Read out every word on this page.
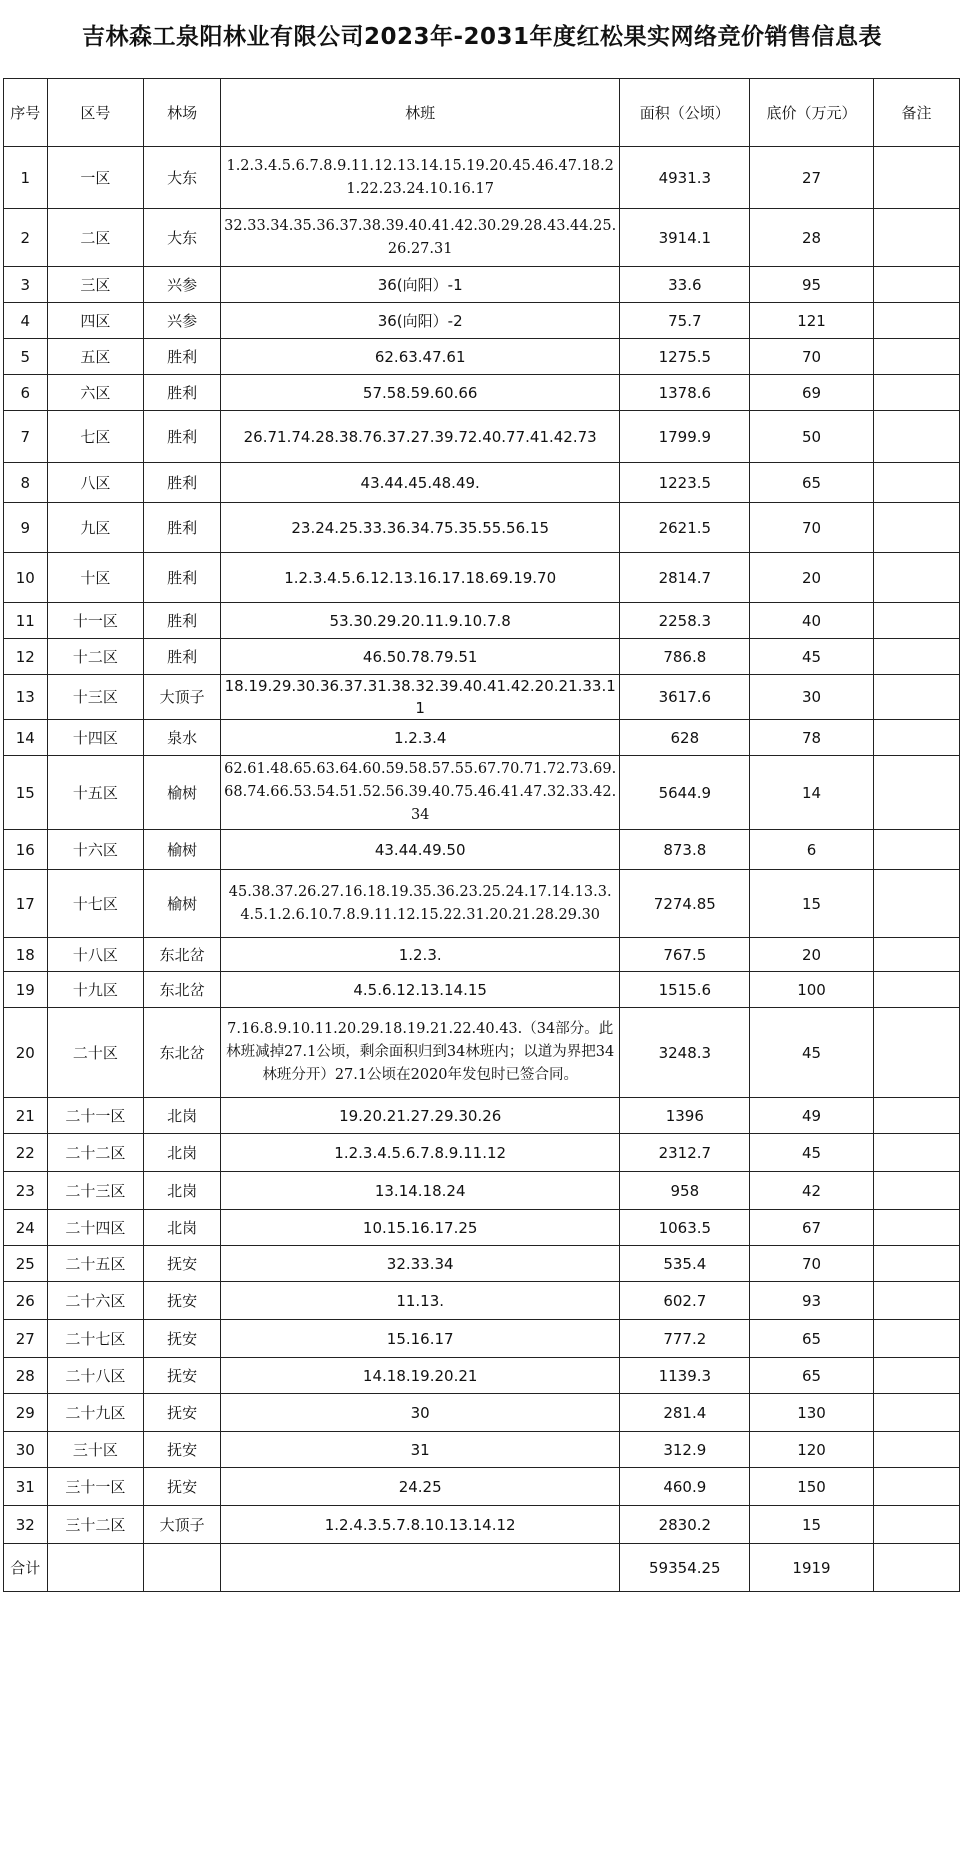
吉林森工泉阳林业有限公司2023年-2031年度红松果实网络竞价销售信息表
序号	区号	林场	林班	面积（公顷）	底价（万元）	备注
1	一区	大东	1.2.3.4.5.6.7.8.9.11.12.13.14.15.19.20.45.46.47.18.21.22.23.24.10.16.17	4931.3	27	
2	二区	大东	32.33.34.35.36.37.38.39.40.41.42.30.29.28.43.44.25.26.27.31	3914.1	28	
3	三区	兴参	36(向阳）-1	33.6	95	
4	四区	兴参	36(向阳）-2	75.7	121	
5	五区	胜利	62.63.47.61	1275.5	70	
6	六区	胜利	57.58.59.60.66	1378.6	69	
7	七区	胜利	26.71.74.28.38.76.37.27.39.72.40.77.41.42.73	1799.9	50	
8	八区	胜利	43.44.45.48.49.	1223.5	65	
9	九区	胜利	23.24.25.33.36.34.75.35.55.56.15	2621.5	70	
10	十区	胜利	1.2.3.4.5.6.12.13.16.17.18.69.19.70	2814.7	20	
11	十一区	胜利	53.30.29.20.11.9.10.7.8	2258.3	40	
12	十二区	胜利	46.50.78.79.51	786.8	45	
13	十三区	大顶子	18.19.29.30.36.37.31.38.32.39.40.41.42.20.21.33.11	3617.6	30	
14	十四区	泉水	1.2.3.4	628	78	
15	十五区	榆树	62.61.48.65.63.64.60.59.58.57.55.67.70.71.72.73.69.68.74.66.53.54.51.52.56.39.40.75.46.41.47.32.33.42.34	5644.9	14	
16	十六区	榆树	43.44.49.50	873.8	6	
17	十七区	榆树	45.38.37.26.27.16.18.19.35.36.23.25.24.17.14.13.3.4.5.1.2.6.10.7.8.9.11.12.15.22.31.20.21.28.29.30	7274.85	15	
18	十八区	东北岔	1.2.3.	767.5	20	
19	十九区	东北岔	4.5.6.12.13.14.15	1515.6	100	
20	二十区	东北岔	7.16.8.9.10.11.20.29.18.19.21.22.40.43.（34部分。此林班减掉27.1公顷，剩余面积归到34林班内；以道为界把34林班分开）27.1公顷在2020年发包时已签合同。	3248.3	45	
21	二十一区	北岗	19.20.21.27.29.30.26	1396	49	
22	二十二区	北岗	1.2.3.4.5.6.7.8.9.11.12	2312.7	45	
23	二十三区	北岗	13.14.18.24	958	42	
24	二十四区	北岗	10.15.16.17.25	1063.5	67	
25	二十五区	抚安	32.33.34	535.4	70	
26	二十六区	抚安	11.13.	602.7	93	
27	二十七区	抚安	15.16.17	777.2	65	
28	二十八区	抚安	14.18.19.20.21	1139.3	65	
29	二十九区	抚安	30	281.4	130	
30	三十区	抚安	31	312.9	120	
31	三十一区	抚安	24.25	460.9	150	
32	三十二区	大顶子	1.2.4.3.5.7.8.10.13.14.12	2830.2	15	
合计				59354.25	1919	
